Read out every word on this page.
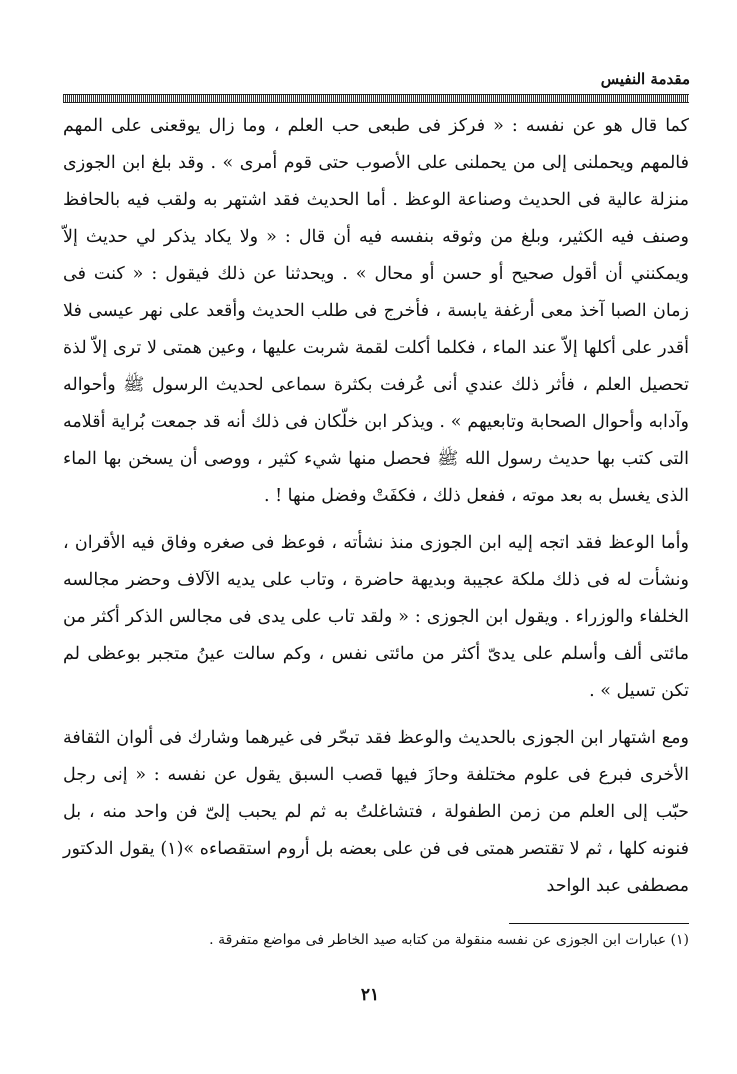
مقدمة النفيس

كما قال هو عن نفسه : « فركز فى طبعى حب العلم ، وما زال يوقعنى على المهم فالمهم ويحملنى إلى من يحملنى على الأصوب حتى قوم أمرى » . وقد بلغ ابن الجوزى منزلة عالية فى الحديث وصناعة الوعظ . أما الحديث فقد اشتهر به ولقب فيه بالحافظ وصنف فيه الكثير، وبلغ من وثوقه بنفسه فيه أن قال : « ولا يكاد يذكر لي حديث إلاّ ويمكنني أن أقول صحيح أو حسن أو محال » . ويحدثنا عن ذلك فيقول : « كنت فى زمان الصبا آخذ معى أرغفة يابسة ، فأخرج فى طلب الحديث وأقعد على نهر عيسى فلا أقدر على أكلها إلاّ عند الماء ، فكلما أكلت لقمة شربت عليها ، وعين همتى لا ترى إلاّ لذة تحصيل العلم ، فأثر ذلك عندي أنى عُرفت بكثرة سماعى لحديث الرسول ﷺ وأحواله وآدابه وأحوال الصحابة وتابعيهم » . ويذكر ابن خلّكان فى ذلك أنه قد جمعت بُراية أقلامه التى كتب بها حديث رسول الله ﷺ فحصل منها شيء كثير ، ووصى أن يسخن بها الماء الذى يغسل به بعد موته ، ففعل ذلك ، فكفَتْ وفضل منها ! .

وأما الوعظ فقد اتجه إليه ابن الجوزى منذ نشأته ، فوعظ فى صغره وفاق فيه الأقران ، ونشأت له فى ذلك ملكة عجيبة وبديهة حاضرة ، وتاب على يديه الآلاف وحضر مجالسه الخلفاء والوزراء . ويقول ابن الجوزى : « ولقد تاب على يدى فى مجالس الذكر أكثر من مائتى ألف وأسلم على يدىّ أكثر من مائتى نفس ، وكم سالت عينُ متجبر بوعظى لم تكن تسيل » .

ومع اشتهار ابن الجوزى بالحديث والوعظ فقد تبحّر فى غيرهما وشارك فى ألوان الثقافة الأخرى فبرع فى علوم مختلفة وحازَ فيها قصب السبق يقول عن نفسه : « إنى رجل حبّب إلى العلم من زمن الطفولة ، فتشاغلتُ به ثم لم يحبب إلىّ فن واحد منه ، بل فنونه كلها ، ثم لا تقتصر همتى فى فن على بعضه بل أروم استقصاءه »(١) يقول الدكتور مصطفى عبد الواحد

(١) عبارات ابن الجوزى عن نفسه منقولة من كتابه صيد الخاطر فى مواضع متفرقة .
٢١
